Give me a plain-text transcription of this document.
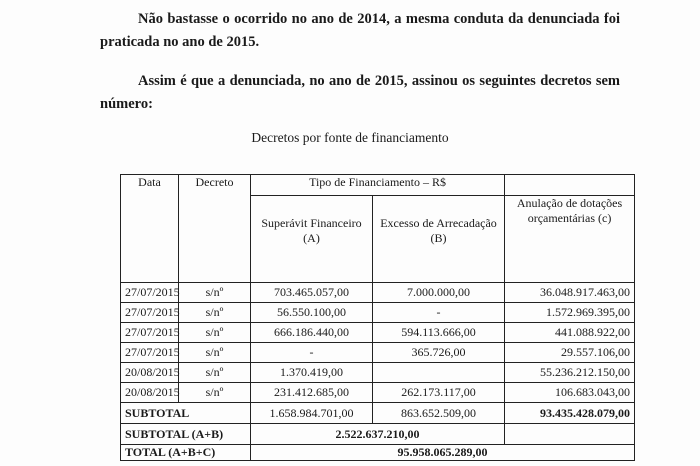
Não bastasse o ocorrido no ano de 2014, a mesma conduta da denunciada foi praticada no ano de 2015.
Assim é que a denunciada, no ano de 2015, assinou os seguintes decretos sem número:
Decretos por fonte de financiamento
Data	Decreto	Tipo de Financiamento – R$		
		Superávit Financeiro (A)	Excesso de Arrecadação (B)	Anulação de dotações orçamentárias (c)
27/07/2015	s/nº	703.465.057,00	7.000.000,00	36.048.917.463,00
27/07/2015	s/nº	56.550.100,00	-	1.572.969.395,00
27/07/2015	s/nº	666.186.440,00	594.113.666,00	441.088.922,00
27/07/2015	s/nº	-	365.726,00	29.557.106,00
20/08/2015	s/nº	1.370.419,00		55.236.212.150,00
20/08/2015	s/nº	231.412.685,00	262.173.117,00	106.683.043,00
SUBTOTAL		1.658.984.701,00	863.652.509,00	93.435.428.079,00
SUBTOTAL (A+B)		2.522.637.210,00		
TOTAL (A+B+C)		95.958.065.289,00		
